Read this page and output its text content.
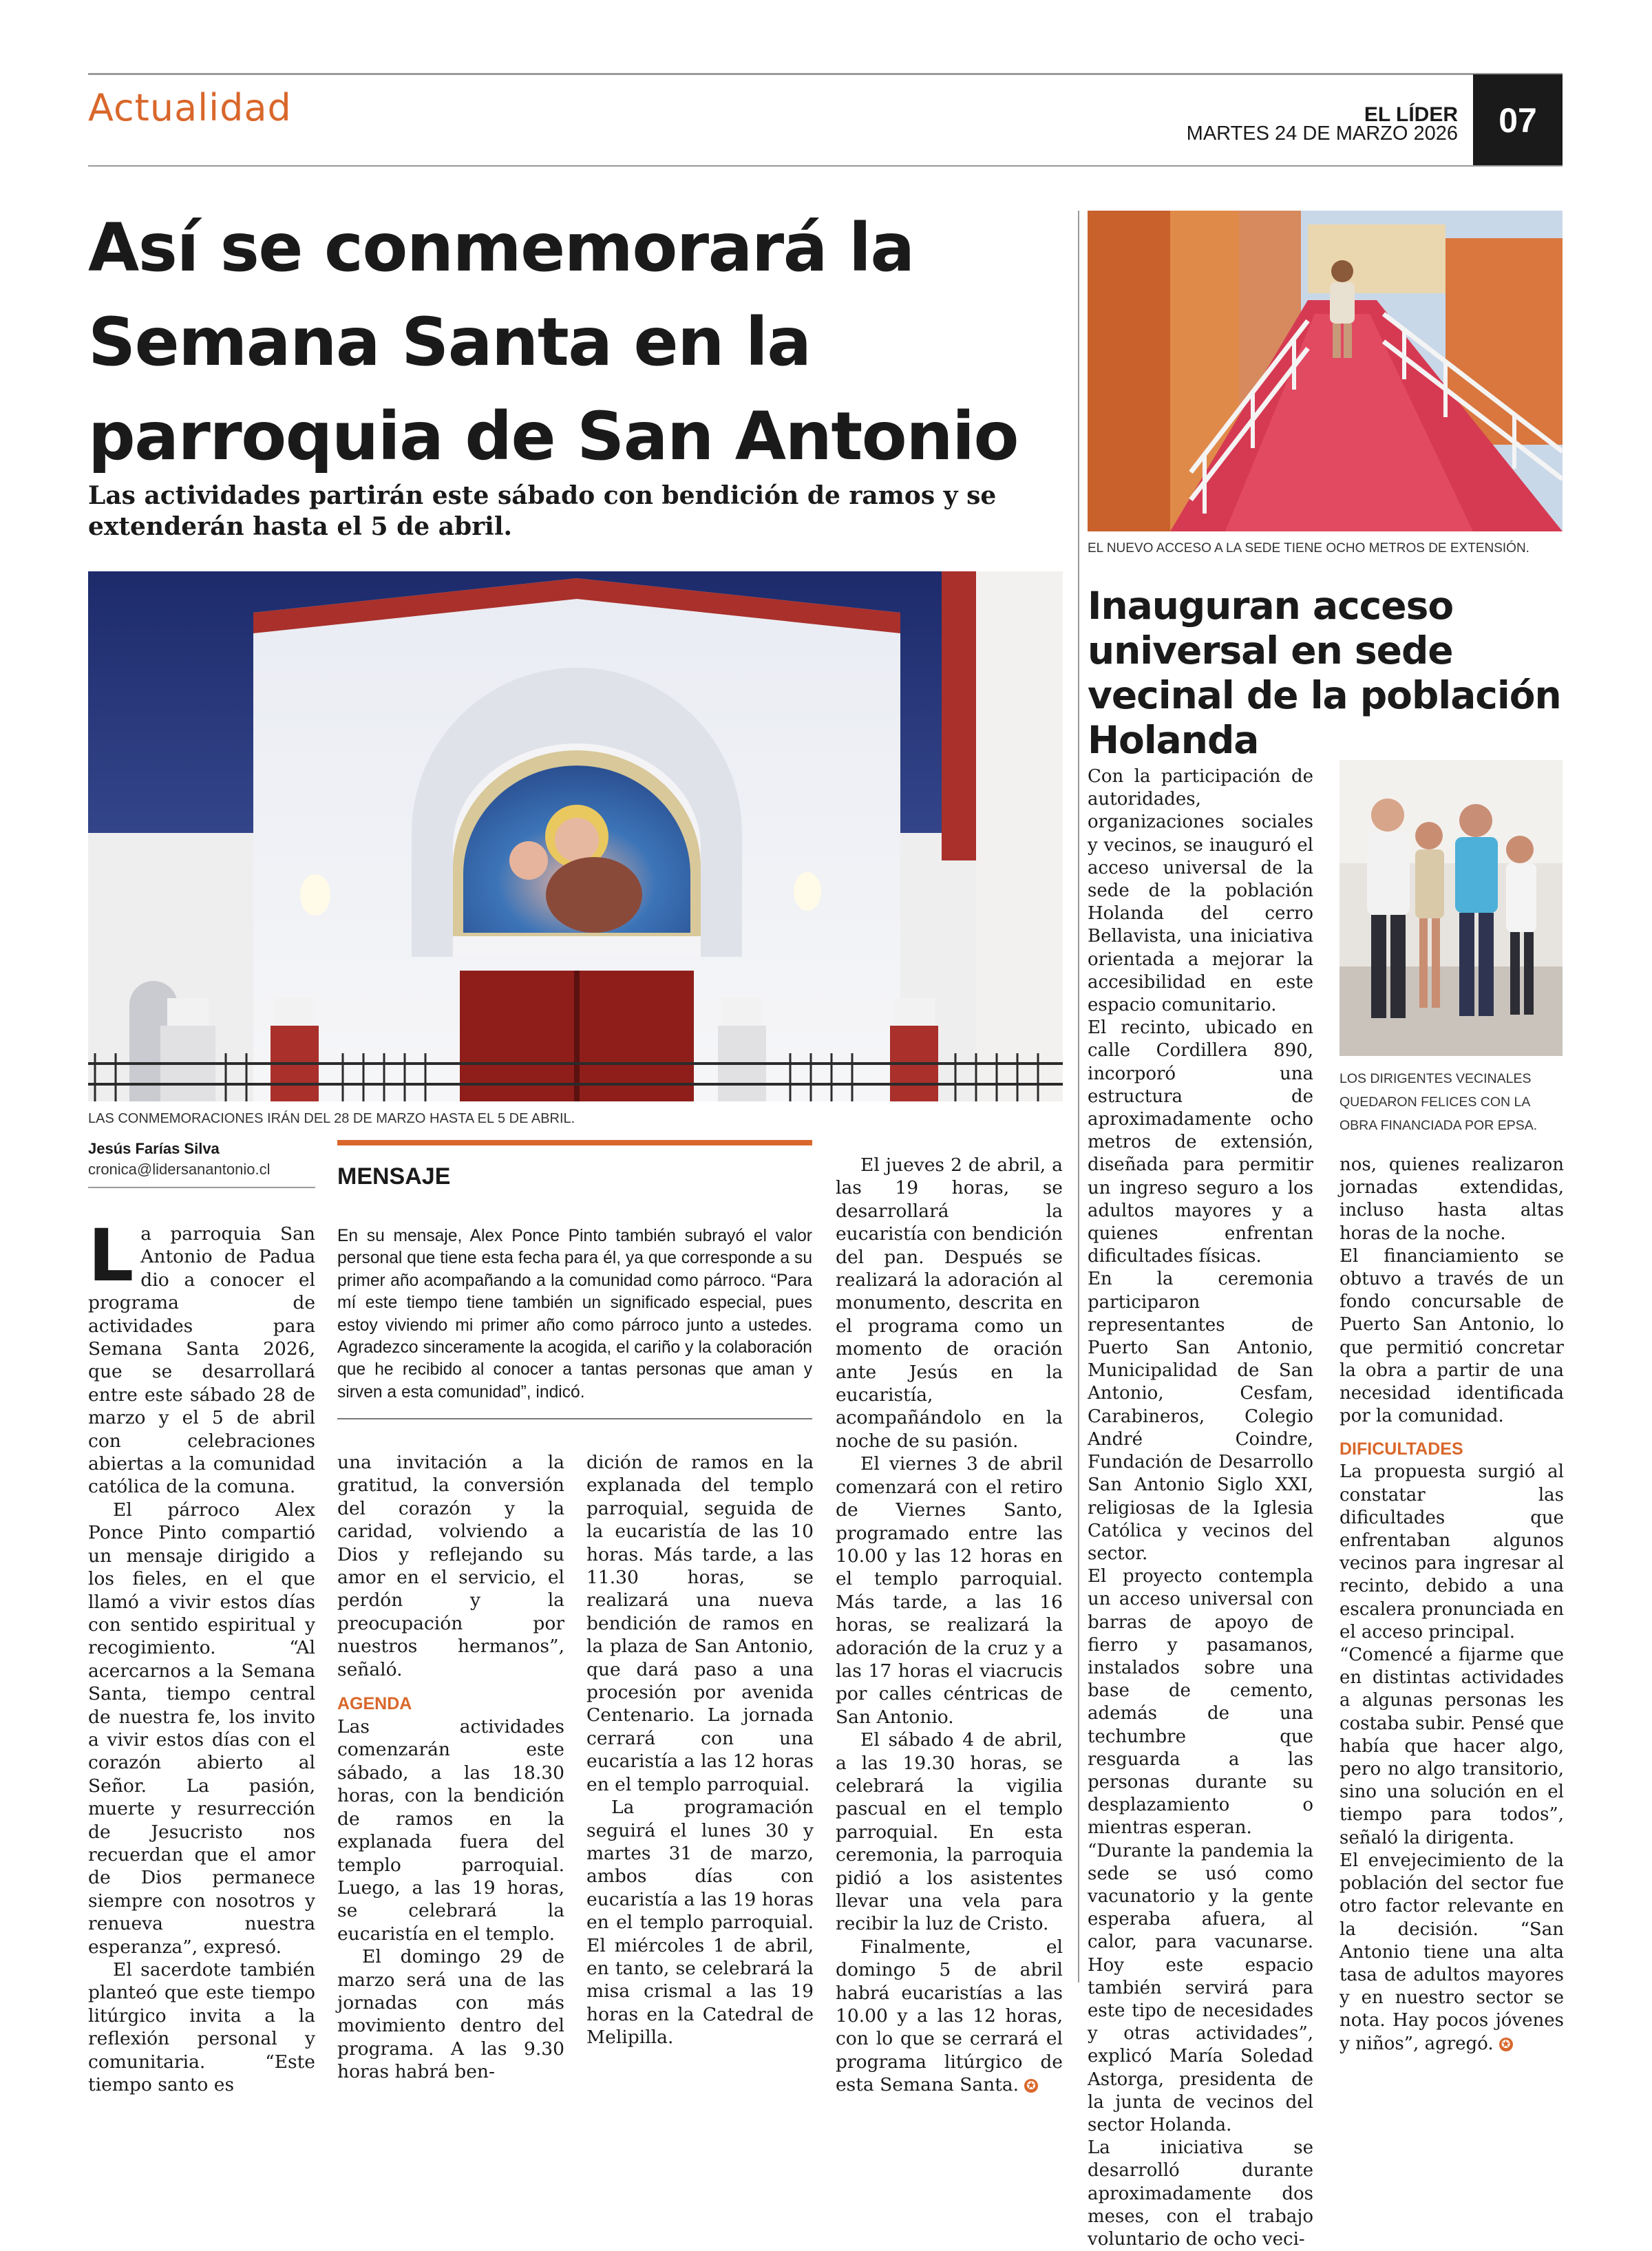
Actualidad	EL LÍDER
MARTES 24 DE MARZO 2026	07
Así se conmemorará la Semana Santa en la parroquia de San Antonio
Las actividades partirán este sábado con bendición de ramos y se extenderán hasta el 5 de abril.
LAS CONMEMORACIONES IRÁN DEL 28 DE MARZO HASTA EL 5 DE ABRIL.
Jesús Farías Silva
cronica@lidersanantonio.cl

La parroquia San Antonio de Padua dio a conocer el programa de actividades para Semana Santa 2026, que se desarrollará entre este sábado 28 de marzo y el 5 de abril con celebraciones abiertas a la comunidad católica de la comuna.

El párroco Alex Ponce Pinto compartió un mensaje dirigido a los fieles, en el que llamó a vivir estos días con sentido espiritual y recogimiento. “Al acercarnos a la Semana Santa, tiempo central de nuestra fe, los invito a vivir estos días con el corazón abierto al Señor. La pasión, muerte y resurrección de Jesucristo nos recuerdan que el amor de Dios permanece siempre con nosotros y renueva nuestra esperanza”, expresó.

El sacerdote también planteó que este tiempo litúrgico invita a la reflexión personal y comunitaria. “Este tiempo santo es

MENSAJE
En su mensaje, Alex Ponce Pinto también subrayó el valor personal que tiene esta fecha para él, ya que corresponde a su primer año acompañando a la comunidad como párroco. “Para mí este tiempo tiene también un significado especial, pues estoy viviendo mi primer año como párroco junto a ustedes. Agradezco sinceramente la acogida, el cariño y la colaboración que he recibido al conocer a tantas personas que aman y sirven a esta comunidad”, indicó.

una invitación a la gratitud, la conversión del corazón y la caridad, volviendo a Dios y reflejando su amor en el servicio, el perdón y la preocupación por nuestros hermanos”, señaló.

AGENDA

Las actividades comenzarán este sábado, a las 18.30 horas, con la bendición de ramos en la explanada fuera del templo parroquial. Luego, a las 19 horas, se celebrará la eucaristía en el templo.

El domingo 29 de marzo será una de las jornadas con más movimiento dentro del programa. A las 9.30 horas habrá ben-

dición de ramos en la explanada del templo parroquial, seguida de la eucaristía de las 10 horas. Más tarde, a las 11.30 horas, se realizará una nueva bendición de ramos en la plaza de San Antonio, que dará paso a una procesión por avenida Centenario. La jornada cerrará con una eucaristía a las 12 horas en el templo parroquial.

La programación seguirá el lunes 30 y martes 31 de marzo, ambos días con eucaristía a las 19 horas en el templo parroquial. El miércoles 1 de abril, en tanto, se celebrará la misa crismal a las 19 horas en la Catedral de Melipilla.

El jueves 2 de abril, a las 19 horas, se desarrollará la eucaristía con bendición del pan. Después se realizará la adoración al monumento, descrita en el programa como un momento de oración ante Jesús en la eucaristía, acompañándolo en la noche de su pasión.

El viernes 3 de abril comenzará con el retiro de Viernes Santo, programado entre las 10.00 y las 12 horas en el templo parroquial. Más tarde, a las 16 horas, se realizará la adoración de la cruz y a las 17 horas el viacrucis por calles céntricas de San Antonio.

El sábado 4 de abril, a las 19.30 horas, se celebrará la vigilia pascual en el templo parroquial. En esta ceremonia, la parroquia pidió a los asistentes llevar una vela para recibir la luz de Cristo.

Finalmente, el domingo 5 de abril habrá eucaristías a las 10.00 y a las 12 horas, con lo que se cerrará el programa litúrgico de esta Semana Santa. ✪

EL NUEVO ACCESO A LA SEDE TIENE OCHO METROS DE EXTENSIÓN.
Inauguran acceso universal en sede vecinal de la población Holanda
LOS DIRIGENTES VECINALES QUEDARON FELICES CON LA OBRA FINANCIADA POR EPSA.

Con la participación de autoridades, organizaciones sociales y vecinos, se inauguró el acceso universal de la sede de la población Holanda del cerro Bellavista, una iniciativa orientada a mejorar la accesibilidad en este espacio comunitario.

El recinto, ubicado en calle Cordillera 890, incorporó una estructura de aproximadamente ocho metros de extensión, diseñada para permitir un ingreso seguro a los adultos mayores y a quienes enfrentan dificultades físicas.

En la ceremonia participaron representantes de Puerto San Antonio, Municipalidad de San Antonio, Cesfam, Carabineros, Colegio André Coindre, Fundación de Desarrollo San Antonio Siglo XXI, religiosas de la Iglesia Católica y vecinos del sector.

El proyecto contempla un acceso universal con barras de apoyo de fierro y pasamanos, instalados sobre una base de cemento, además de una techumbre que resguarda a las personas durante su desplazamiento o mientras esperan.

“Durante la pandemia la sede se usó como vacunatorio y la gente esperaba afuera, al calor, para vacunarse. Hoy este espacio también servirá para este tipo de necesidades y otras actividades”, explicó María Soledad Astorga, presidenta de la junta de vecinos del sector Holanda.

La iniciativa se desarrolló durante aproximadamente dos meses, con el trabajo voluntario de ocho veci-

nos, quienes realizaron jornadas extendidas, incluso hasta altas horas de la noche.

El financiamiento se obtuvo a través de un fondo concursable de Puerto San Antonio, lo que permitió concretar la obra a partir de una necesidad identificada por la comunidad.

DIFICULTADES

La propuesta surgió al constatar las dificultades que enfrentaban algunos vecinos para ingresar al recinto, debido a una escalera pronunciada en el acceso principal.

“Comencé a fijarme que en distintas actividades a algunas personas les costaba subir. Pensé que había que hacer algo, pero no algo transitorio, sino una solución en el tiempo para todos”, señaló la dirigenta.

El envejecimiento de la población del sector fue otro factor relevante en la decisión. “San Antonio tiene una alta tasa de adultos mayores y en nuestro sector se nota. Hay pocos jóvenes y niños”, agregó. ✪
